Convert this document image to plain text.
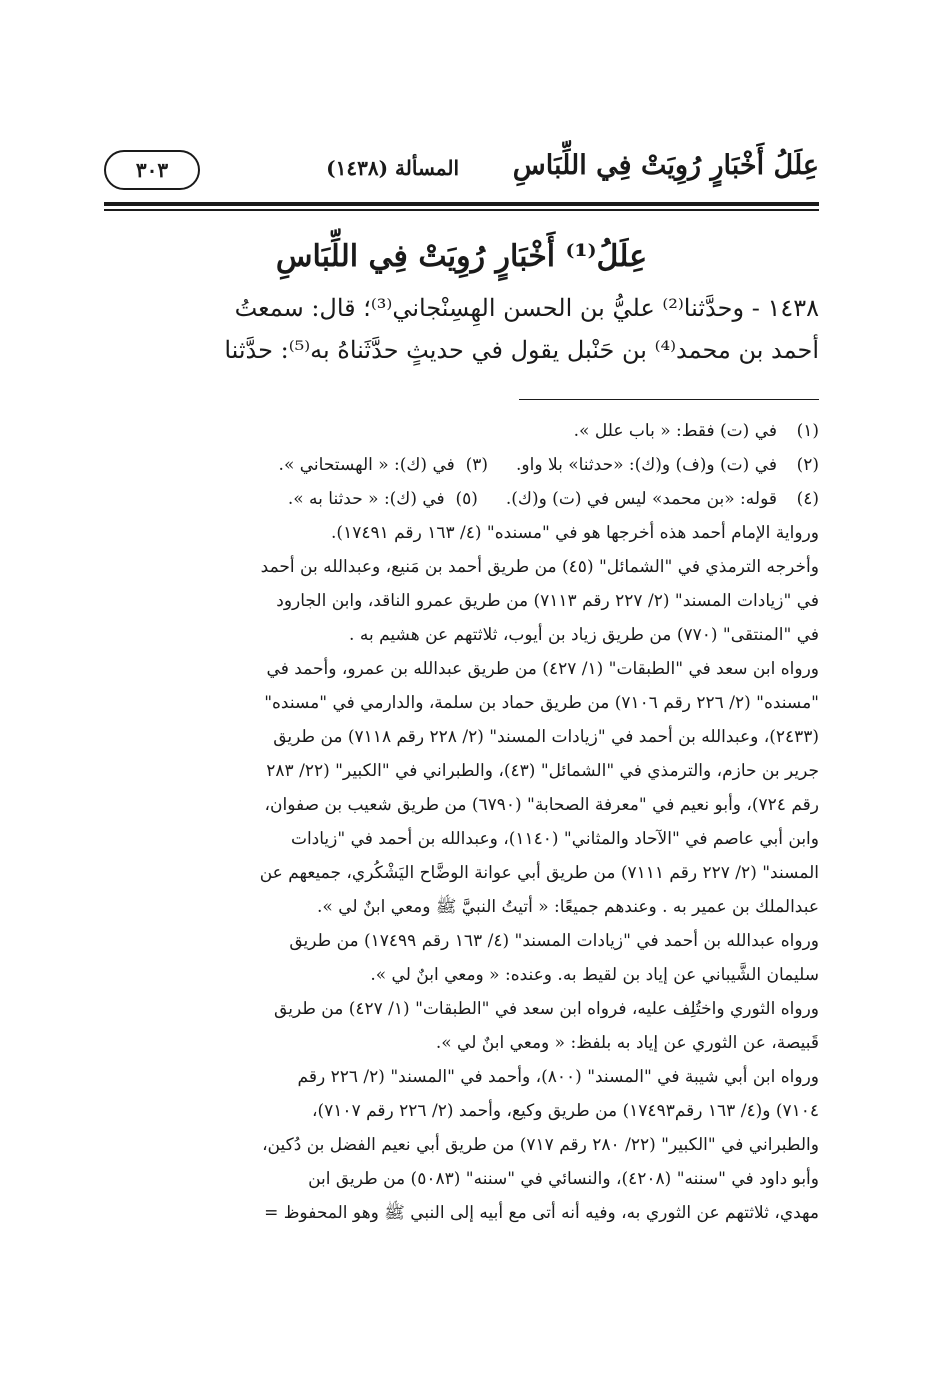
عِلَلُ أَخْبَارٍ رُوِيَتْ فِي اللِّبَاسِ
المسألة (١٤٣٨)
٣٠٣
عِلَلُ⁽¹⁾ أَخْبَارٍ رُوِيَتْ فِي اللِّبَاسِ
١٤٣٨ - وحدَّثنا⁽²⁾ عليُّ بن الحسن الهِسِنْجاني⁽³⁾؛ قال: سمعتُ
أحمد بن محمد⁽⁴⁾ بن حَنْبل يقول في حديثٍ حدَّثَناهُ به⁽⁵⁾: حدَّثنا
(١)في (ت) فقط: « باب علل ».
(٢)في (ت) و(ف) و(ك): «حدثنا» بلا واو.(٣)  في (ك): « الهستحاني ».
(٤)قوله: «بن محمد» ليس في (ت) و(ك).(٥)  في (ك): « حدثنا به ».
ورواية الإمام أحمد هذه أخرجها هو في "مسنده" (٤/ ١٦٣ رقم ١٧٤٩١).
وأخرجه الترمذي في "الشمائل" (٤٥) من طريق أحمد بن مَنيع، وعبدالله بن أحمد
في "زيادات المسند" (٢/ ٢٢٧ رقم ٧١١٣) من طريق عمرو الناقد، وابن الجارود
في "المنتقى" (٧٧٠) من طريق زياد بن أيوب، ثلاثتهم عن هشيم به .
ورواه ابن سعد في "الطبقات" (١/ ٤٢٧) من طريق عبدالله بن عمرو، وأحمد في
"مسنده" (٢/ ٢٢٦ رقم ٧١٠٦) من طريق حماد بن سلمة، والدارمي في "مسنده"
(٢٤٣٣)، وعبدالله بن أحمد في "زيادات المسند" (٢/ ٢٢٨ رقم ٧١١٨) من طريق
جرير بن حازم، والترمذي في "الشمائل" (٤٣)، والطبراني في "الكبير" (٢٢/ ٢٨٣
رقم ٧٢٤)، وأبو نعيم في "معرفة الصحابة" (٦٧٩٠) من طريق شعيب بن صفوان،
وابن أبي عاصم في "الآحاد والمثاني" (١١٤٠)، وعبدالله بن أحمد في "زيادات
المسند" (٢/ ٢٢٧ رقم ٧١١١) من طريق أبي عوانة الوضَّاح اليَشْكُري، جميعهم عن
عبدالملك بن عمير به . وعندهم جميعًا: « أتيتُ النبيَّ ﷺ ومعي ابنٌ لي ».
ورواه عبدالله بن أحمد في "زيادات المسند" (٤/ ١٦٣ رقم ١٧٤٩٩) من طريق
سليمان الشَّيباني عن إياد بن لقيط به. وعنده: « ومعي ابنٌ لي ».
ورواه الثوري واختُلِف عليه، فرواه ابن سعد في "الطبقات" (١/ ٤٢٧) من طريق
قَبيصة، عن الثوري عن إياد به بلفظ: « ومعي ابنٌ لي ».
ورواه ابن أبي شيبة في "المسند" (٨٠٠)، وأحمد في "المسند" (٢/ ٢٢٦ رقم
٧١٠٤) و(٤/ ١٦٣ رقم١٧٤٩٣) من طريق وكيع، وأحمد (٢/ ٢٢٦ رقم ٧١٠٧)،
والطبراني في "الكبير" (٢٢/ ٢٨٠ رقم ٧١٧) من طريق أبي نعيم الفضل بن دُكين،
وأبو داود في "سننه" (٤٢٠٨)، والنسائي في "سننه" (٥٠٨٣) من طريق ابن
مهدي، ثلاثتهم عن الثوري به، وفيه أنه أتى مع أبيه إلى النبي ﷺ وهو المحفوظ =
